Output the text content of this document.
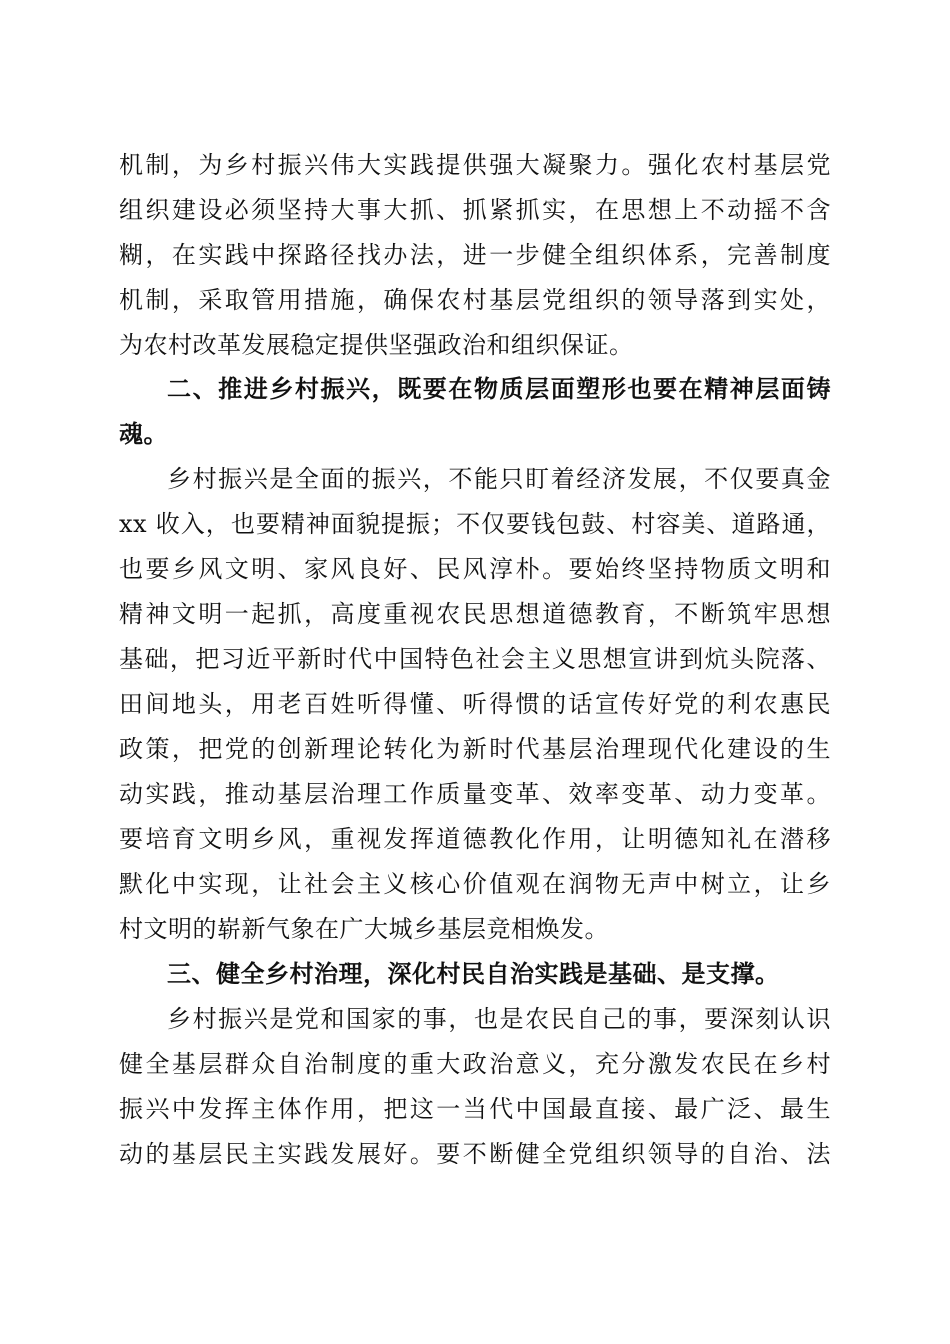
机制，为乡村振兴伟大实践提供强大凝聚力。强化农村基层党
组织建设必须坚持大事大抓、抓紧抓实，在思想上不动摇不含
糊，在实践中探路径找办法，进一步健全组织体系，完善制度
机制，采取管用措施，确保农村基层党组织的领导落到实处，
为农村改革发展稳定提供坚强政治和组织保证。
二、推进乡村振兴，既要在物质层面塑形也要在精神层面铸
魂。
乡村振兴是全面的振兴，不能只盯着经济发展，不仅要真金
xx 收入，也要精神面貌提振；不仅要钱包鼓、村容美、道路通，
也要乡风文明、家风良好、民风淳朴。要始终坚持物质文明和
精神文明一起抓，高度重视农民思想道德教育，不断筑牢思想
基础，把习近平新时代中国特色社会主义思想宣讲到炕头院落、
田间地头，用老百姓听得懂、听得惯的话宣传好党的利农惠民
政策，把党的创新理论转化为新时代基层治理现代化建设的生
动实践，推动基层治理工作质量变革、效率变革、动力变革。
要培育文明乡风，重视发挥道德教化作用，让明德知礼在潜移
默化中实现，让社会主义核心价值观在润物无声中树立，让乡
村文明的崭新气象在广大城乡基层竞相焕发。
三、健全乡村治理，深化村民自治实践是基础、是支撑。
乡村振兴是党和国家的事，也是农民自己的事，要深刻认识
健全基层群众自治制度的重大政治意义，充分激发农民在乡村
振兴中发挥主体作用，把这一当代中国最直接、最广泛、最生
动的基层民主实践发展好。要不断健全党组织领导的自治、法
